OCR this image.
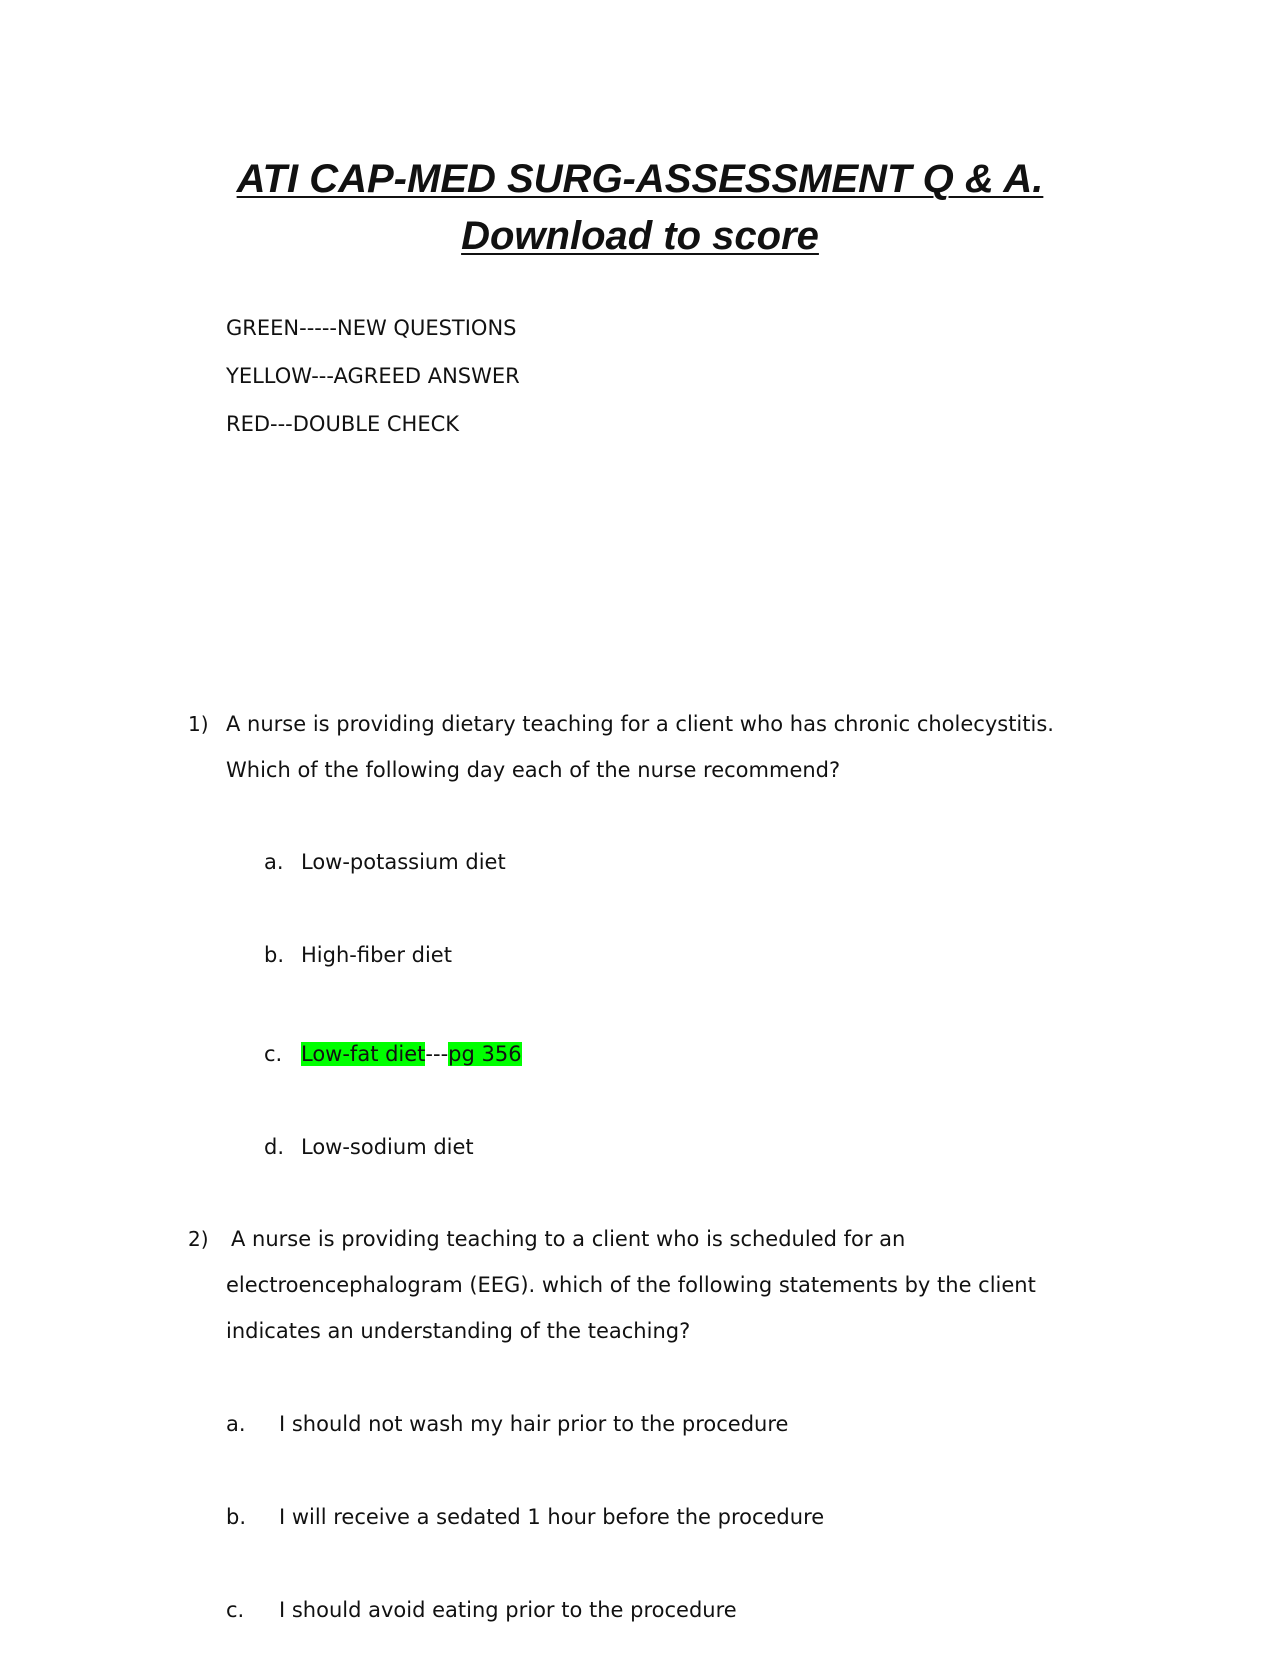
ATI CAP-MED SURG-ASSESSMENT Q & A.
Download to score
GREEN-----NEW QUESTIONS
YELLOW---AGREED ANSWER
RED---DOUBLE CHECK
1) A nurse is providing dietary teaching for a client who has chronic cholecystitis.
Which of the following day each of the nurse recommend?
a. Low-potassium diet
b. High-fiber diet
c. Low-fat diet---pg 356
d. Low-sodium diet
2) A nurse is providing teaching to a client who is scheduled for an
electroencephalogram (EEG). which of the following statements by the client
indicates an understanding of the teaching?
a. I should not wash my hair prior to the procedure
b. I will receive a sedated 1 hour before the procedure
c. I should avoid eating prior to the procedure
